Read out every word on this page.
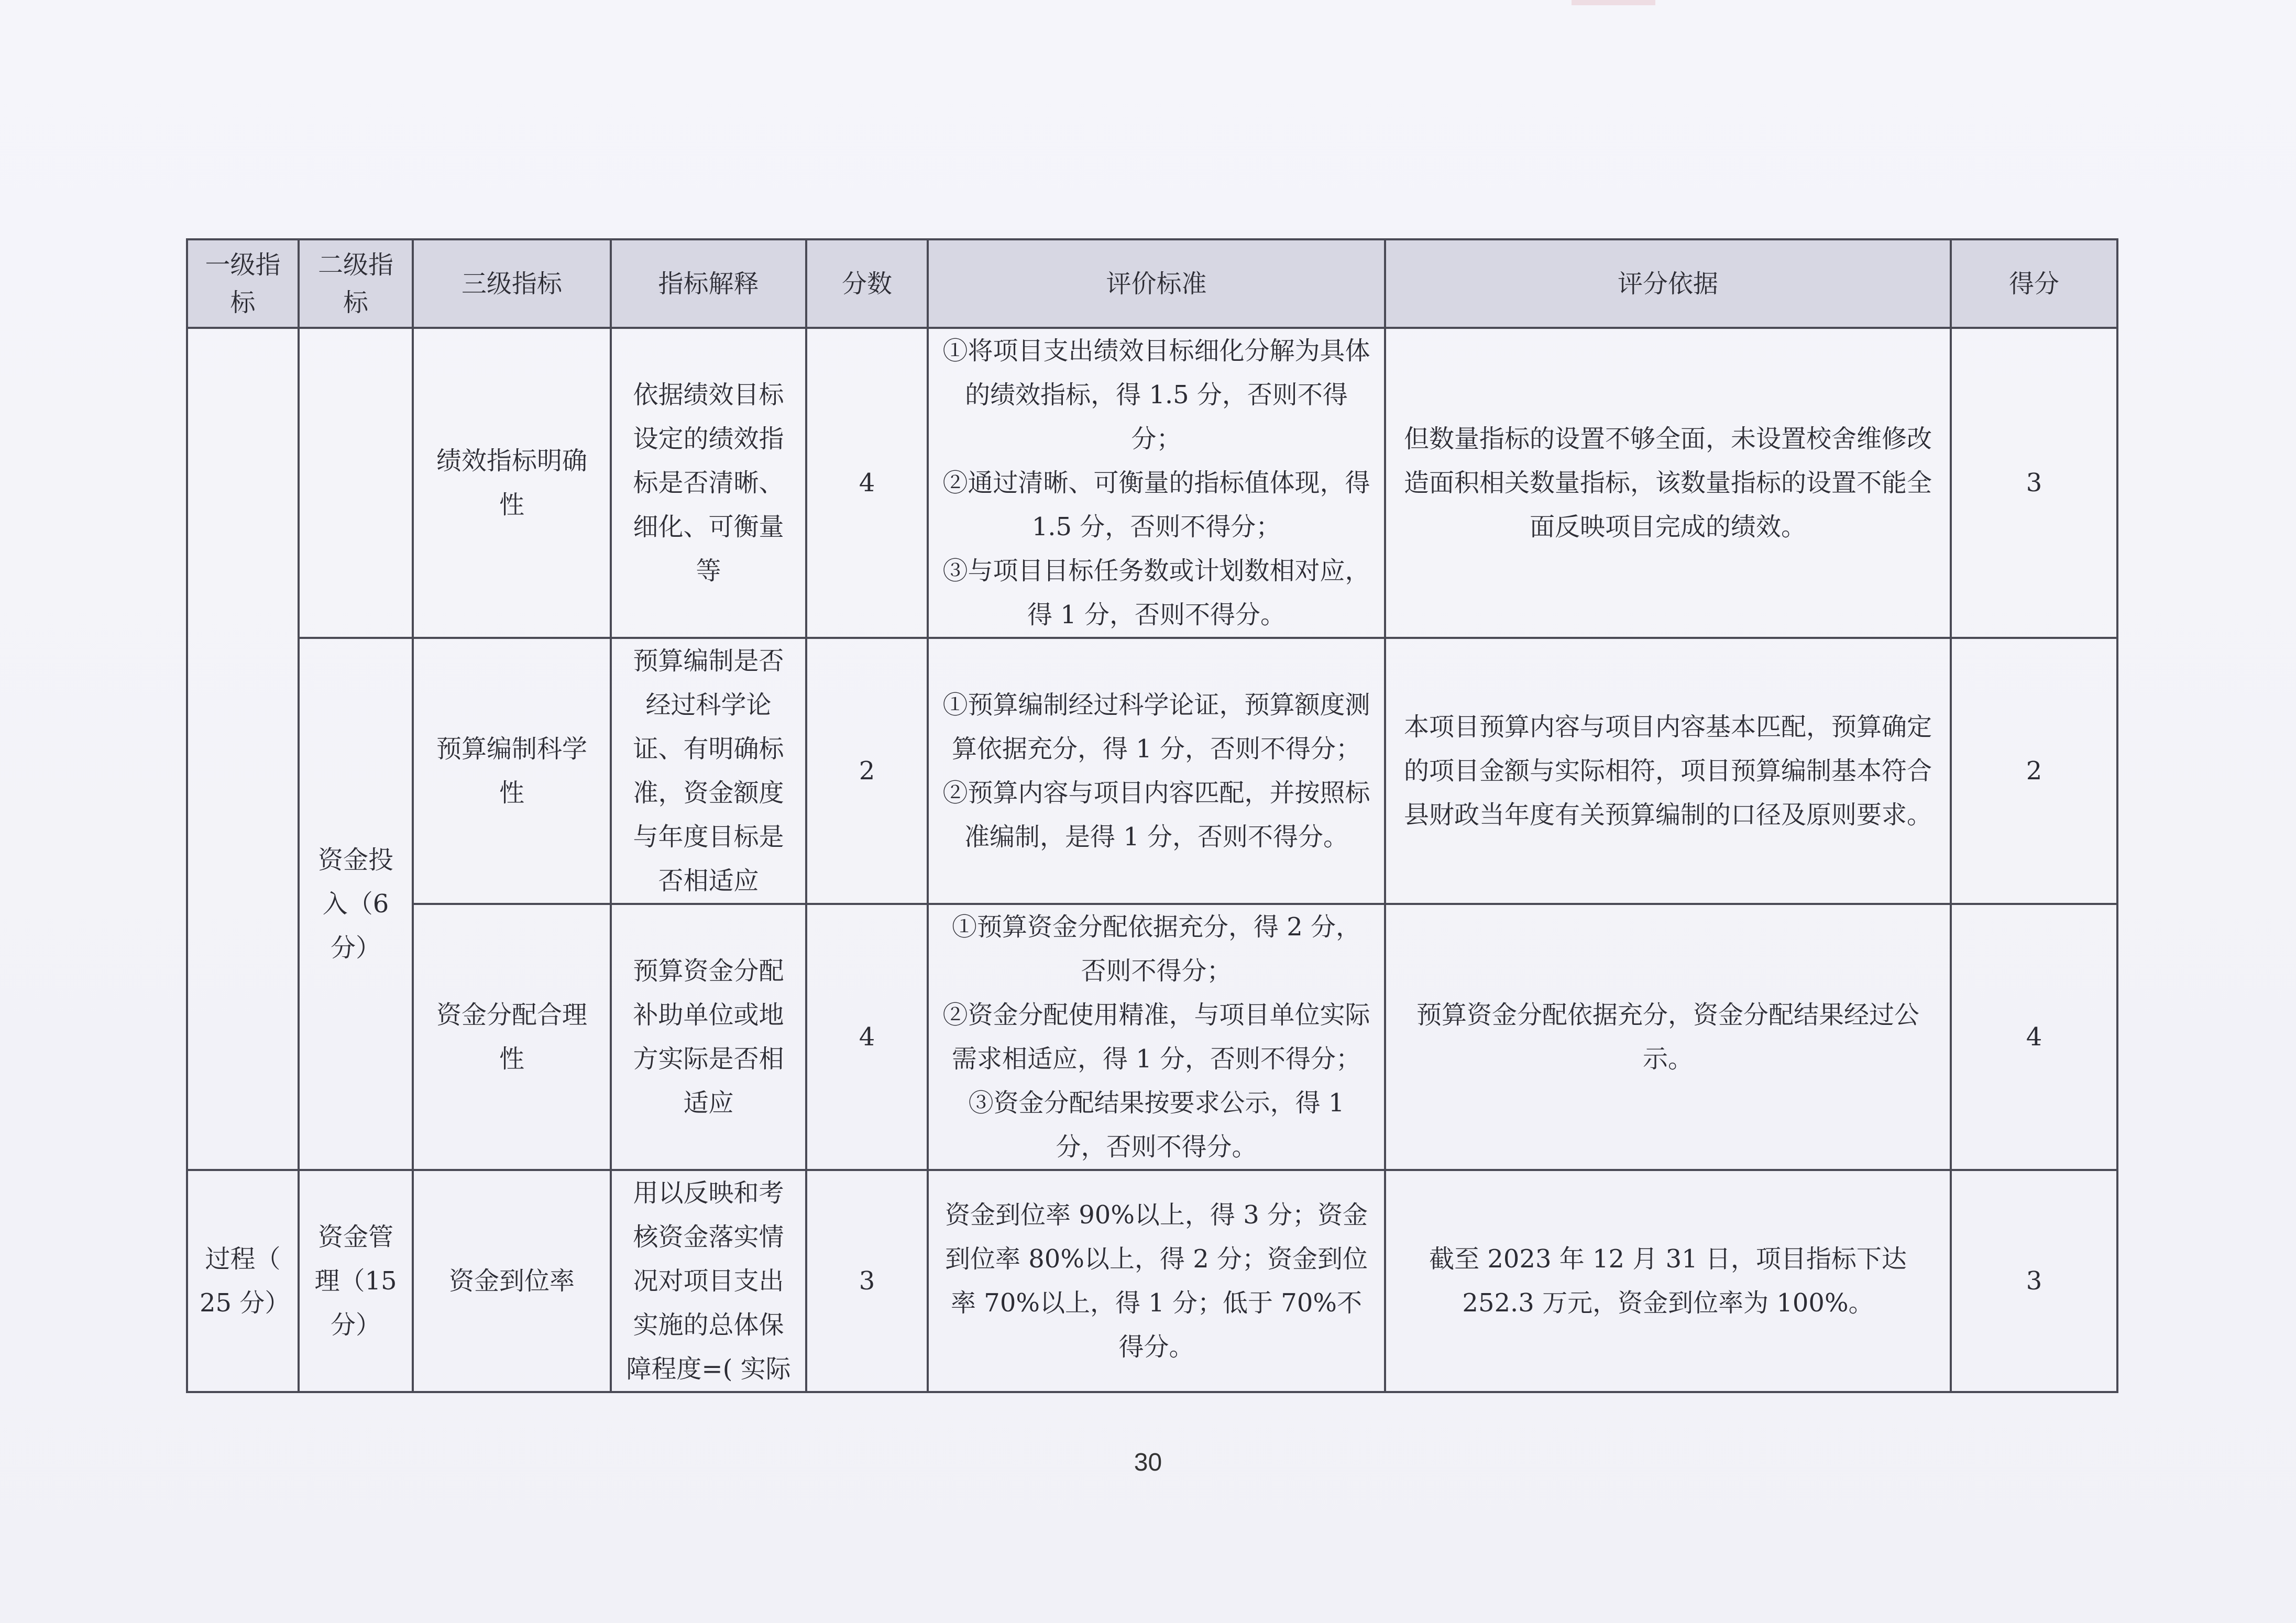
一级指标	二级指标	三级指标	指标解释	分数	评价标准	评分依据	得分
		绩效指标明确性	依据绩效目标设定的绩效指标是否清晰、细化、可衡量等	4	①将项目支出绩效目标细化分解为具体的绩效指标，得 1.5 分，否则不得分；
②通过清晰、可衡量的指标值体现，得 1.5 分，否则不得分；
③与项目目标任务数或计划数相对应，得 1 分，否则不得分。	但数量指标的设置不够全面，未设置校舍维修改造面积相关数量指标，该数量指标的设置不能全面反映项目完成的绩效。	3
	资金投入（6分）	预算编制科学性	预算编制是否经过科学论证、有明确标准，资金额度与年度目标是否相适应	2	①预算编制经过科学论证，预算额度测算依据充分，得 1 分，否则不得分；
②预算内容与项目内容匹配，并按照标准编制，是得 1 分，否则不得分。	本项目预算内容与项目内容基本匹配，预算确定的项目金额与实际相符，项目预算编制基本符合县财政当年度有关预算编制的口径及原则要求。	2
		资金分配合理性	预算资金分配补助单位或地方实际是否相适应	4	①预算资金分配依据充分，得 2 分，否则不得分；
②资金分配使用精准，与项目单位实际需求相适应，得 1 分，否则不得分；
③资金分配结果按要求公示，得 1 分，否则不得分。	预算资金分配依据充分，资金分配结果经过公示。	4
过程（ 25 分）	资金管理（15 分）	资金到位率	用以反映和考核资金落实情况对项目支出实施的总体保障程度=( 实际	3	资金到位率 90%以上，得 3 分；资金到位率 80%以上，得 2 分；资金到位率 70%以上，得 1 分；低于 70%不得分。	截至 2023 年 12 月 31 日，项目指标下达 252.3 万元，资金到位率为 100%。	3
30
